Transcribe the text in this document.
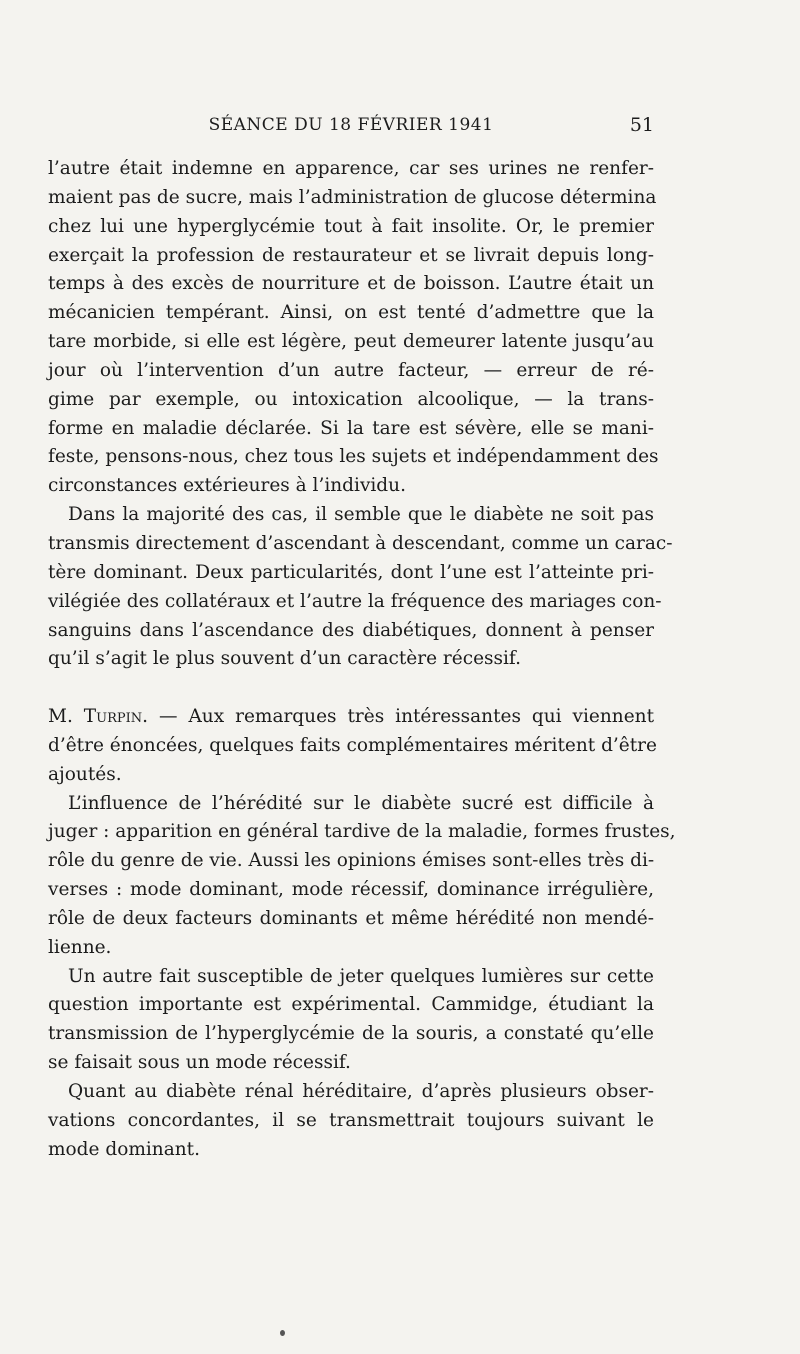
SÉANCE DU 18 FÉVRIER 1941	51
l’autre était indemne en apparence, car ses urines ne renfer-
maient pas de sucre, mais l’administration de glucose détermina
chez lui une hyperglycémie tout à fait insolite. Or, le premier
exerçait la profession de restaurateur et se livrait depuis long-
temps à des excès de nourriture et de boisson. L’autre était un
mécanicien tempérant. Ainsi, on est tenté d’admettre que la
tare morbide, si elle est légère, peut demeurer latente jusqu’au
jour où l’intervention d’un autre facteur, — erreur de ré-
gime par exemple, ou intoxication alcoolique, — la trans-
forme en maladie déclarée. Si la tare est sévère, elle se mani-
feste, pensons-nous, chez tous les sujets et indépendamment des
circonstances extérieures à l’individu.
Dans la majorité des cas, il semble que le diabète ne soit pas
transmis directement d’ascendant à descendant, comme un carac-
tère dominant. Deux particularités, dont l’une est l’atteinte pri-
vilégiée des collatéraux et l’autre la fréquence des mariages con-
sanguins dans l’ascendance des diabétiques, donnent à penser
qu’il s’agit le plus souvent d’un caractère récessif.
M. Turpin. — Aux remarques très intéressantes qui viennent
d’être énoncées, quelques faits complémentaires méritent d’être
ajoutés.
L’influence de l’hérédité sur le diabète sucré est difficile à
juger : apparition en général tardive de la maladie, formes frustes,
rôle du genre de vie. Aussi les opinions émises sont-elles très di-
verses : mode dominant, mode récessif, dominance irrégulière,
rôle de deux facteurs dominants et même hérédité non mendé-
lienne.
Un autre fait susceptible de jeter quelques lumières sur cette
question importante est expérimental. Cammidge, étudiant la
transmission de l’hyperglycémie de la souris, a constaté qu’elle
se faisait sous un mode récessif.
Quant au diabète rénal héréditaire, d’après plusieurs obser-
vations concordantes, il se transmettrait toujours suivant le
mode dominant.
